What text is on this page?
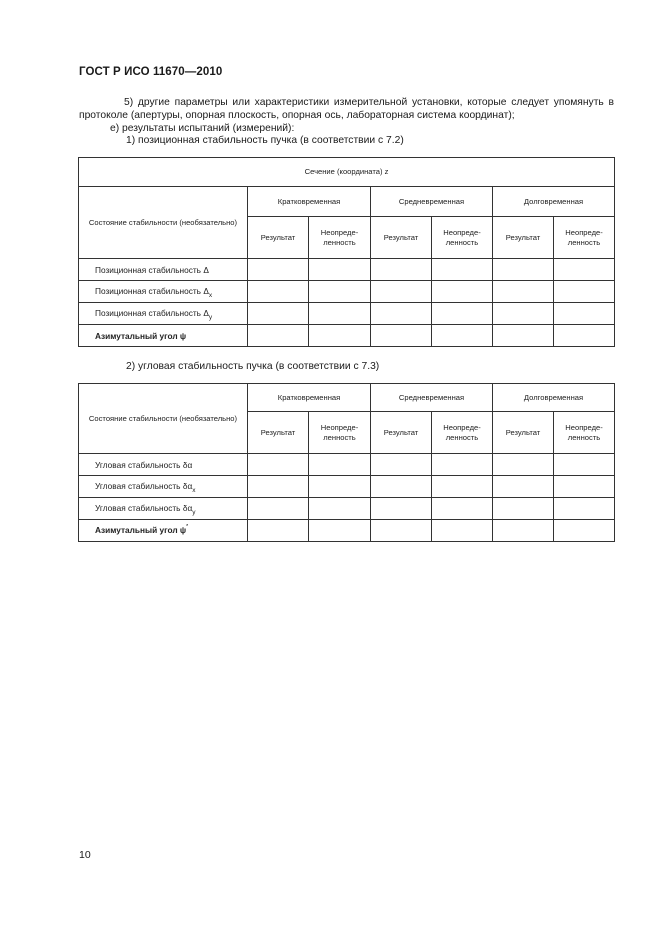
ГОСТ Р ИСО 11670—2010
5) другие параметры или характеристики измерительной установки, которые следует упомянуть в протоколе (апертуры, опорная плоскость, опорная ось, лабораторная система координат);
е) результаты испытаний (измерений):
1) позиционная стабильность пучка (в соответствии с 7.2)
Сечение (координата) z						
Состояние стабильности (необязательно)	Кратковременная		Средневременная		Долговременная	
	Результат	Неопреде-ленность	Результат	Неопреде-ленность	Результат	Неопреде-ленность
Позиционная стабильность Δ						
Позиционная стабильность $\Delta_x$						
Позиционная стабильность $\Delta_y$						
Азимутальный угол ψ						
2) угловая стабильность пучка (в соответствии с 7.3)
Состояние стабильности (необязательно)	Кратковременная		Средневременная		Долговременная	
	Результат	Неопреде-ленность	Результат	Неопреде-ленность	Результат	Неопреде-ленность
Угловая стабильность δα						
Угловая стабильность $\delta\alpha_x$						
Угловая стабильность $\delta\alpha_y$						
Азимутальный угол ψ′						
10
